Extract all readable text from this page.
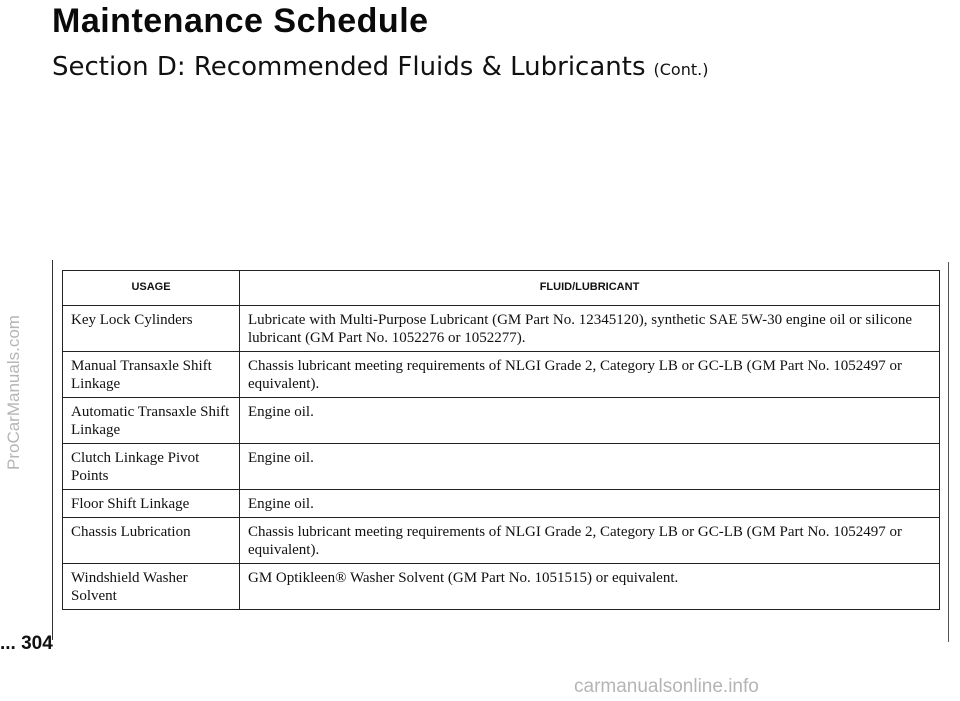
ProCarManuals.com
Maintenance Schedule
Section D: Recommended Fluids & Lubricants (Cont.)
USAGE	FLUID/LUBRICANT
Key Lock Cylinders	Lubricate with Multi-Purpose Lubricant (GM Part No. 12345120), synthetic SAE 5W-30 engine oil or silicone lubricant (GM Part No. 1052276 or 1052277).
Manual Transaxle Shift Linkage	Chassis lubricant meeting requirements of NLGI Grade 2, Category LB or GC-LB (GM Part No. 1052497 or equivalent).
Automatic Transaxle Shift Linkage	Engine oil.
Clutch Linkage Pivot Points	Engine oil.
Floor Shift Linkage	Engine oil.
Chassis Lubrication	Chassis lubricant meeting requirements of NLGI Grade 2, Category LB or GC-LB (GM Part No. 1052497 or equivalent).
Windshield Washer Solvent	GM Optikleen® Washer Solvent (GM Part No. 1051515) or equivalent.
... 304
carmanualsonline.info
